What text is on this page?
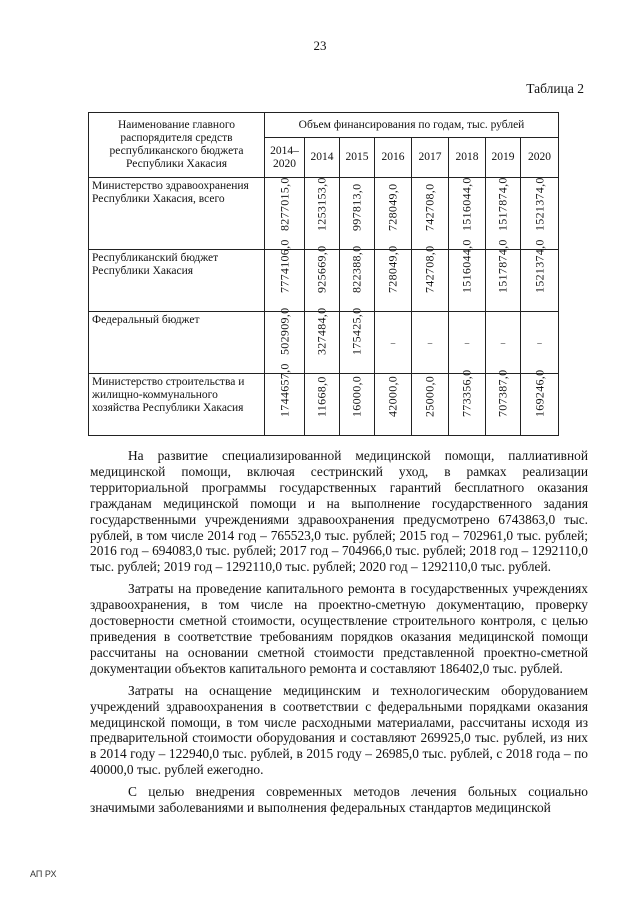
23
Таблица 2
Наименование главного распорядителя средств республиканского бюджета Республики Хакасия	Объем финансирования по годам, тыс. рублей							
	2014–2020	2014	2015	2016	2017	2018	2019	2020
Министерство здравоохранения Республики Хакасия, всего	8277015,0	1253153,0	997813,0	728049,0	742708,0	1516044,0	1517874,0	1521374,0

Республиканский бюджет Республики Хакасия	7774106,0	925669,0	822388,0	728049,0	742708,0	1516044,0	1517874,0	1521374,0

Федеральный бюджет	502909,0	327484,0	175425,0	–	–	–	–	–

Министерство строительства и жилищно-коммунального хозяйства Республики Хакасия	1744657,0	11668,0	16000,0	42000,0	25000,0	773356,0	707387,0	169246,0

На развитие специализированной медицинской помощи, паллиативной медицинской помощи, включая сестринский уход, в рамках реализации территориальной программы государственных гарантий бесплатного оказания гражданам медицинской помощи и на выполнение государственного задания государственными учреждениями здравоохранения предусмотрено 6743863,0 тыс. рублей, в том числе 2014 год – 765523,0 тыс. рублей; 2015 год – 702961,0 тыс. рублей; 2016 год – 694083,0 тыс. рублей; 2017 год – 704966,0 тыс. рублей; 2018 год – 1292110,0 тыс. рублей; 2019 год – 1292110,0 тыс. рублей; 2020 год – 1292110,0 тыс. рублей.

Затраты на проведение капитального ремонта в государственных учреждениях здравоохранения, в том числе на проектно-сметную документацию, проверку достоверности сметной стоимости, осуществление строительного контроля, с целью приведения в соответствие требованиям порядков оказания медицинской помощи рассчитаны на основании сметной стоимости представленной проектно-сметной документации объектов капитального ремонта и составляют 186402,0 тыс. рублей.

Затраты на оснащение медицинским и технологическим оборудованием учреждений здравоохранения в соответствии с федеральными порядками оказания медицинской помощи, в том числе расходными материалами, рассчитаны исходя из предварительной стоимости оборудования и составляют 269925,0 тыс. рублей, из них в 2014 году – 122940,0 тыс. рублей, в 2015 году – 26985,0 тыс. рублей, с 2018 года – по 40000,0 тыс. рублей ежегодно.

С целью внедрения современных методов лечения больных социально значимыми заболеваниями и выполнения федеральных стандартов медицинской

АП РХ
